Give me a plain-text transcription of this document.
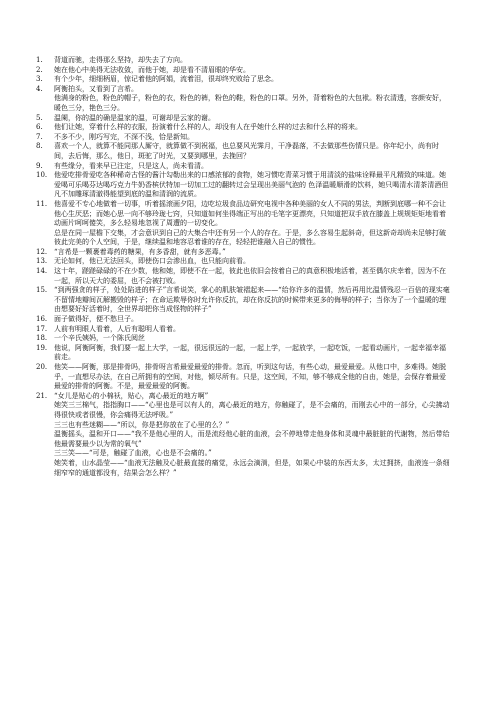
1.	背道而驰，走得那么坚持，却失去了方向。
2.	她在他心中美得无法收敛，而他于她，却是看不清眉眼的华安。
3.	有个少年，细细柄眉，惊记着他的阿娟，流着泪，很却终究败给了思念。
4.	阿衡拍头，又看到了言希。
他满身的粉色，粉色的帽子，粉色的衣，粉色的裤，粉色的鞋，粉色的口罩。另外，背着粉色的大包袱。粉衣清透，容颜安好，暖色三分，艳色三分。
5.	温阑，你的温的确是温家的温，可谢却是云家的谢。
6.	他们让她，穿着什么样的衣服，扮演着什么样的人，却没有人在乎她什么样的过去和什么样的将来。
7.	不多不少，刚巧写完，不深不浅，恰是新知。
8.	喜欢一个人，就算不能同那人厮守，就算做不到祝福，也总要风光霁月，干净磊落，不去做那些伤情只是。你年纪小，尚有时间，去后悔，那么，他日，斑驼了时光，又要到哪里，去挽回？
9.	有些缘分，看来早已注定，只是这人，尚未看清。
10. 他爱吃排骨爱吃各种稀奇古怪的酱汁勾勒出来的口感浓郁的食物，她习惯吃青菜习惯于用清淡的盐味诠释最平凡精致的味道。她爱喝可乐喝芬达喝巧克力牛奶香槟伏特加一切加工过的翻转过会呈现出美丽气泡的 色泽温暖顺滑的饮料，她只喝清水清茶清酒但凡不加雕琢清澈得能望到底的温和清润的流质。
11. 他喜爱不专心地做着一切事，听着摇滚画夕阳，边吃垃圾食品边研究电视中各种美丽的女人不同的男法，判断到底哪一种不会让他心生厌恶；而她心思一向不够玲珑七窍，只知道如何坐得端正写出的毛笔字更漂亮，只知道把双手放在膝盖上规规矩矩地看着动画片呵呵傻笑，多么轻易地忽视了周遭的一切变化。
总是在同一屋檐下交集，才会意识到自己的大集合中还有另一个人的存在。于是，多么容易生起斜奇，但这新奇却尚未足够打破彼此完美的个人空间，于是，继续温和地容忍着谁的存在，轻轻把谁融入自己的惯性。
12. “言希是一颗裹着毒药的糖果，有多香甜，就有多恶毒。”
13. 无论如何，他已无法回头，即使伤口会渗出血，也只能向前看。
14. 这十年，蹉蹉碌碌的不在少数，他和她，即使不在一起，彼此也依旧会按着自己的真意积极地活着，甚至偶尔庆幸着，因为不在一起，所以天大的委屈，也不会被打败。
15. “到两强贪的样子，处处陷进的样子”言希说笑，掌心的肌肤皱褶起来——“给你许多的温情，然后再用比温情残忍一百倍的现实毫不留情地瓣间瓦解搬毁的样子；在命运欺辱你时允许你反抗，却在你反抗的时候带来更多的侮辱的样子；当你为了一个温暖的理由想要好好活着时，全世界却把你当成怪物的样子”
16. 面子做得好，便不愁旦子。
17. 人前有明眼人看着，人后有聪明人看着。
18. 一个辛氏姨妈，一个陈氏阅丝
19. 他说，阿衡阿衡，我们要一起上大学，一起，很远很远的一起，一起上学，一起放学，一起吃饭，一起看动画片，一起幸福幸福前走。
20. 他笑——阿衡，那是排骨吗，排骨呀言希最爱最爱的排骨。忽而，听到这句话，有些心动，最爱最爱。从他口中，多难得。她脱乎，一直想尽办法，在自己所拥有的空间，对他，倾尽所有。只是，这空间，不知，够不够成全他的自由，她是，会保存着最爱最爱的排骨的阿衡。不是，最爱最爱的阿衡。
21. “女儿是贴心的小棉袄，贴心，离心最近的地方啊”
她笑三三棉气，指指胸口——“心里也是可以有人的，离心最近的地方，你触碰了，是不会痛的，而刚去心中的一部分，心尖拂动得很快或者很慢，你会痛得无法呼吸。”
三三也有些迷糊——“所以，你是把你放在了心里的么？”
温衡摇头，温和开口——“我不是他心里的人，而是流经他心脏的血液，会不停地带走他身体和灵魂中最脏脏的代谢物，然后带给他最需要最少以为常的氧气”
三三笑——“可是，触碰了血液，心也是不会痛的。”
她笑着，山水晶莹——“血液无法触及心脏最直接的痛觉，永远会滴淌，但是，如果心中装的东西太多，太过拥挤，血液连一条细细窄窄的通道都没有，结果会怎么样？”
